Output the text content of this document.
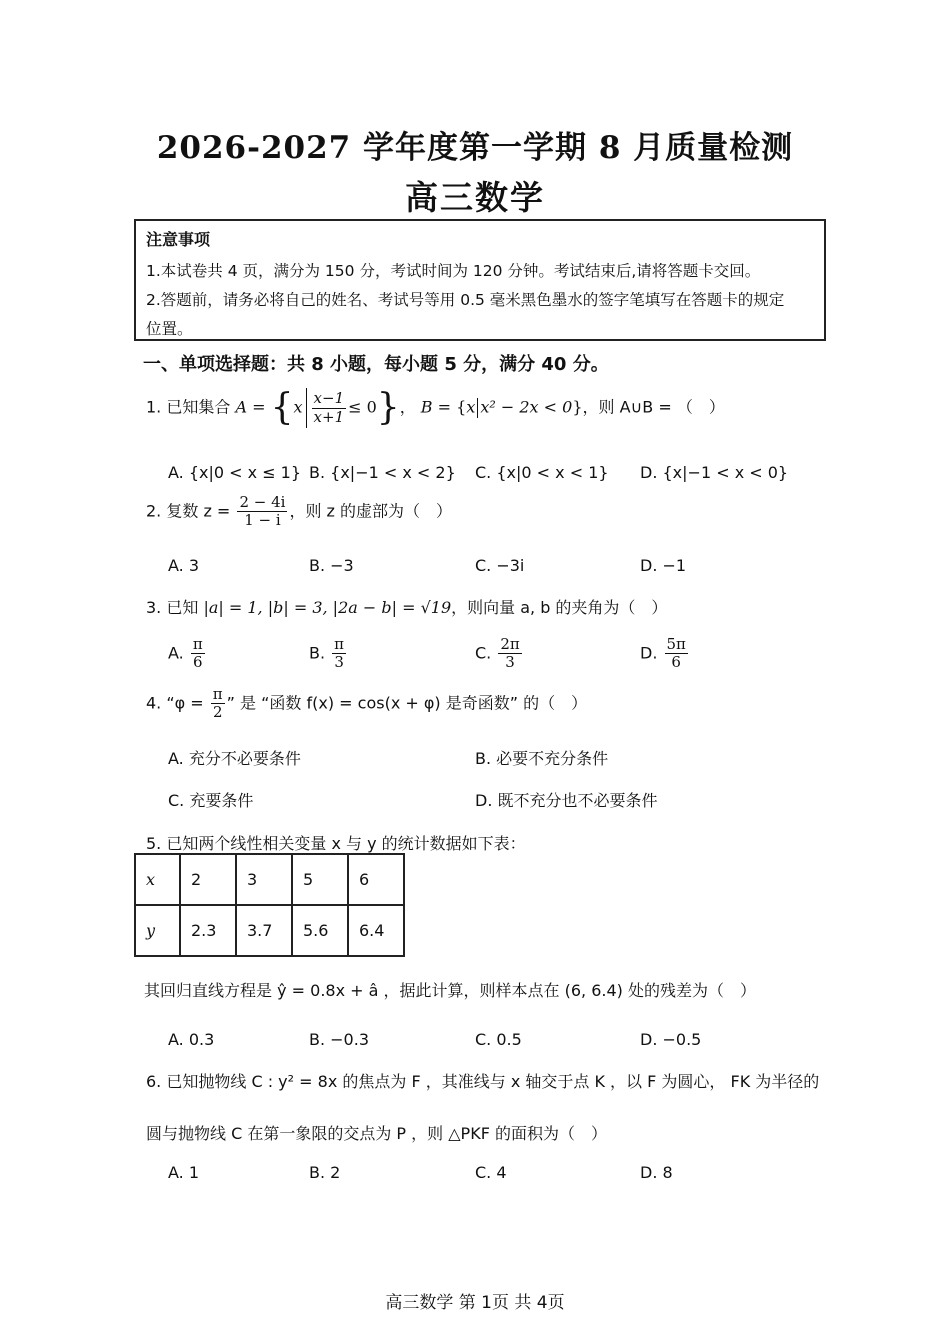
2026-2027 学年度第一学期 8 月质量检测
高三数学
注意事项
1.本试卷共 4 页，满分为 150 分，考试时间为 120 分钟。考试结束后,请将答题卡交回。
2.答题前，请务必将自己的姓名、考试号等用 0.5 毫米黑色墨水的签字笔填写在答题卡的规定
位置。
一、单项选择题：共 8 小题，每小题 5 分，满分 40 分。
1. 已知集合 $A = \{x \frac{x-1}{x+1} \le 0\}$， B = {x x² − 2x < 0}，则 A∪B = （　）
A. {x|0 < x ≤ 1} B. {x|−1 < x < 2} C. {x|0 < x < 1} D. {x|−1 < x < 0}
2. 复数 $z = \frac{2 - 4i}{1 - i}$ ，则 z 的虚部为（　）
A. 3	B. −3	C. −3i	D. −1
3. 已知 |a| = 1, |b| = 3, |2a − b| = √19，则向量 a, b 的夹角为（　）
A. $\frac{\pi}{6}$	B. $\frac{\pi}{3}$	C. $\frac{2\pi}{3}$	D. $\frac{5\pi}{6}$
4. “$\varphi = \frac{\pi}{2}$ ” 是 “函数 f(x) = cos(x + φ) 是奇函数” 的（　）
A. 充分不必要条件	B. 必要不充分条件
C. 充要条件	D. 既不充分也不必要条件
5. 已知两个线性相关变量 x 与 y 的统计数据如下表：
x	2	3	5	6
y	2.3	3.7	5.6	6.4
其回归直线方程是 ŷ = 0.8x + â ，据此计算，则样本点在 (6, 6.4) 处的残差为（　）
A. 0.3	B. −0.3	C. 0.5	D. −0.5
6. 已知抛物线 C : y² = 8x 的焦点为 F ，其准线与 x 轴交于点 K ，以 F 为圆心， FK 为半径的
圆与抛物线 C 在第一象限的交点为 P ，则 △PKF 的面积为（　）
A. 1	B. 2	C. 4	D. 8
高三数学 第 1页 共 4页
